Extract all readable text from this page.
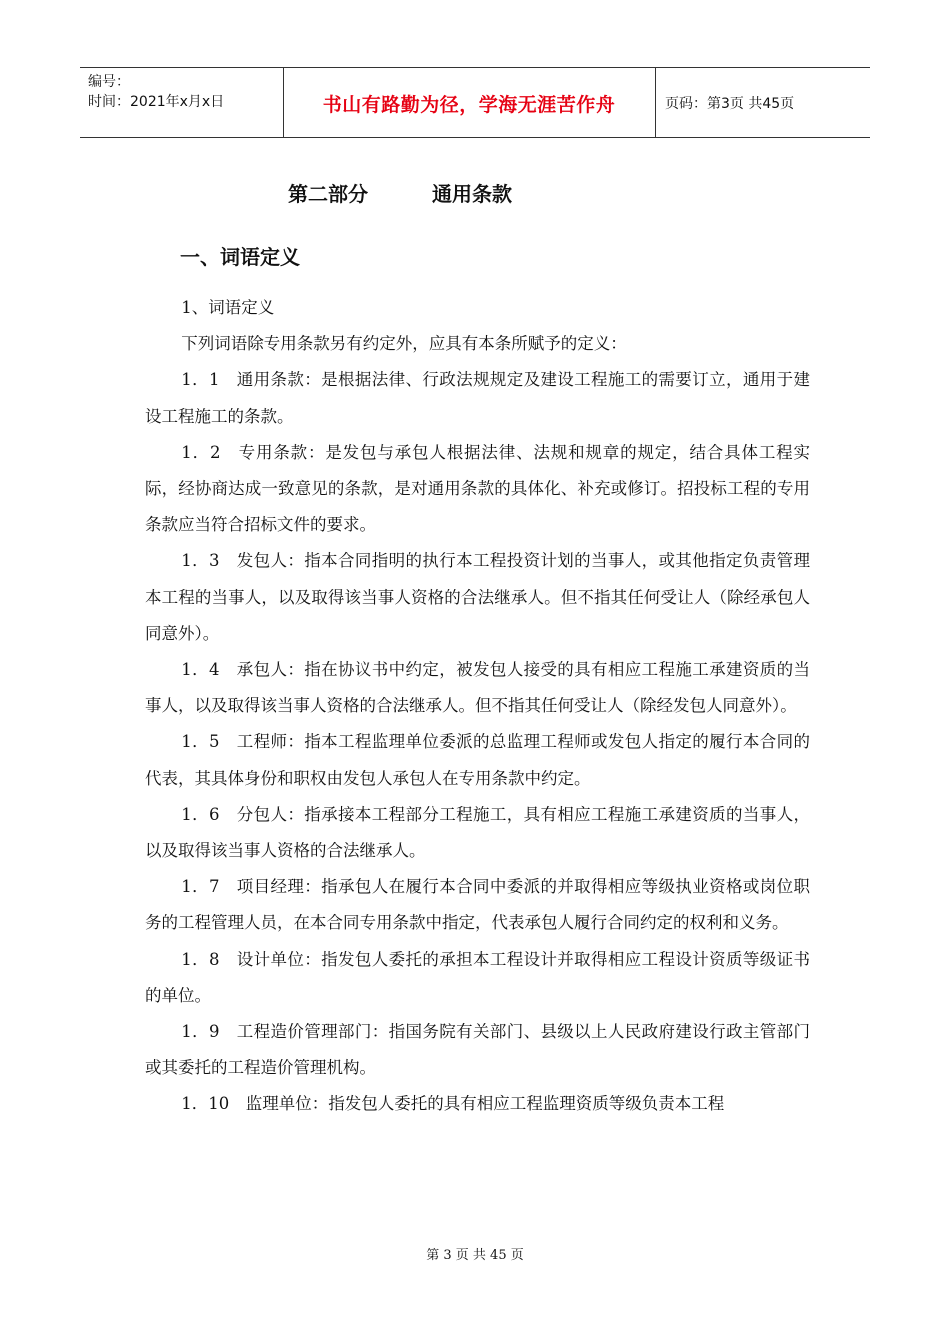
编号：
时间：2021年x月x日	书山有路勤为径，学海无涯苦作舟	页码：第3页 共45页
第二部分	通用条款
一、词语定义

1、词语定义

下列词语除专用条款另有约定外，应具有本条所赋予的定义：

1．1　通用条款：是根据法律、行政法规规定及建设工程施工的需要订立，通用于建设工程施工的条款。

1．2　专用条款：是发包与承包人根据法律、法规和规章的规定，结合具体工程实际，经协商达成一致意见的条款，是对通用条款的具体化、补充或修订。招投标工程的专用条款应当符合招标文件的要求。

1．3　发包人：指本合同指明的执行本工程投资计划的当事人，或其他指定负责管理本工程的当事人，以及取得该当事人资格的合法继承人。但不指其任何受让人（除经承包人同意外）。

1．4　承包人：指在协议书中约定，被发包人接受的具有相应工程施工承建资质的当事人，以及取得该当事人资格的合法继承人。但不指其任何受让人（除经发包人同意外）。

1．5　工程师：指本工程监理单位委派的总监理工程师或发包人指定的履行本合同的代表，其具体身份和职权由发包人承包人在专用条款中约定。

1．6　分包人：指承接本工程部分工程施工，具有相应工程施工承建资质的当事人，以及取得该当事人资格的合法继承人。

1．7　项目经理：指承包人在履行本合同中委派的并取得相应等级执业资格或岗位职务的工程管理人员，在本合同专用条款中指定，代表承包人履行合同约定的权利和义务。

1．8　设计单位：指发包人委托的承担本工程设计并取得相应工程设计资质等级证书的单位。

1．9　工程造价管理部门：指国务院有关部门、县级以上人民政府建设行政主管部门或其委托的工程造价管理机构。

1．10　监理单位：指发包人委托的具有相应工程监理资质等级负责本工程

第 3 页 共 45 页
